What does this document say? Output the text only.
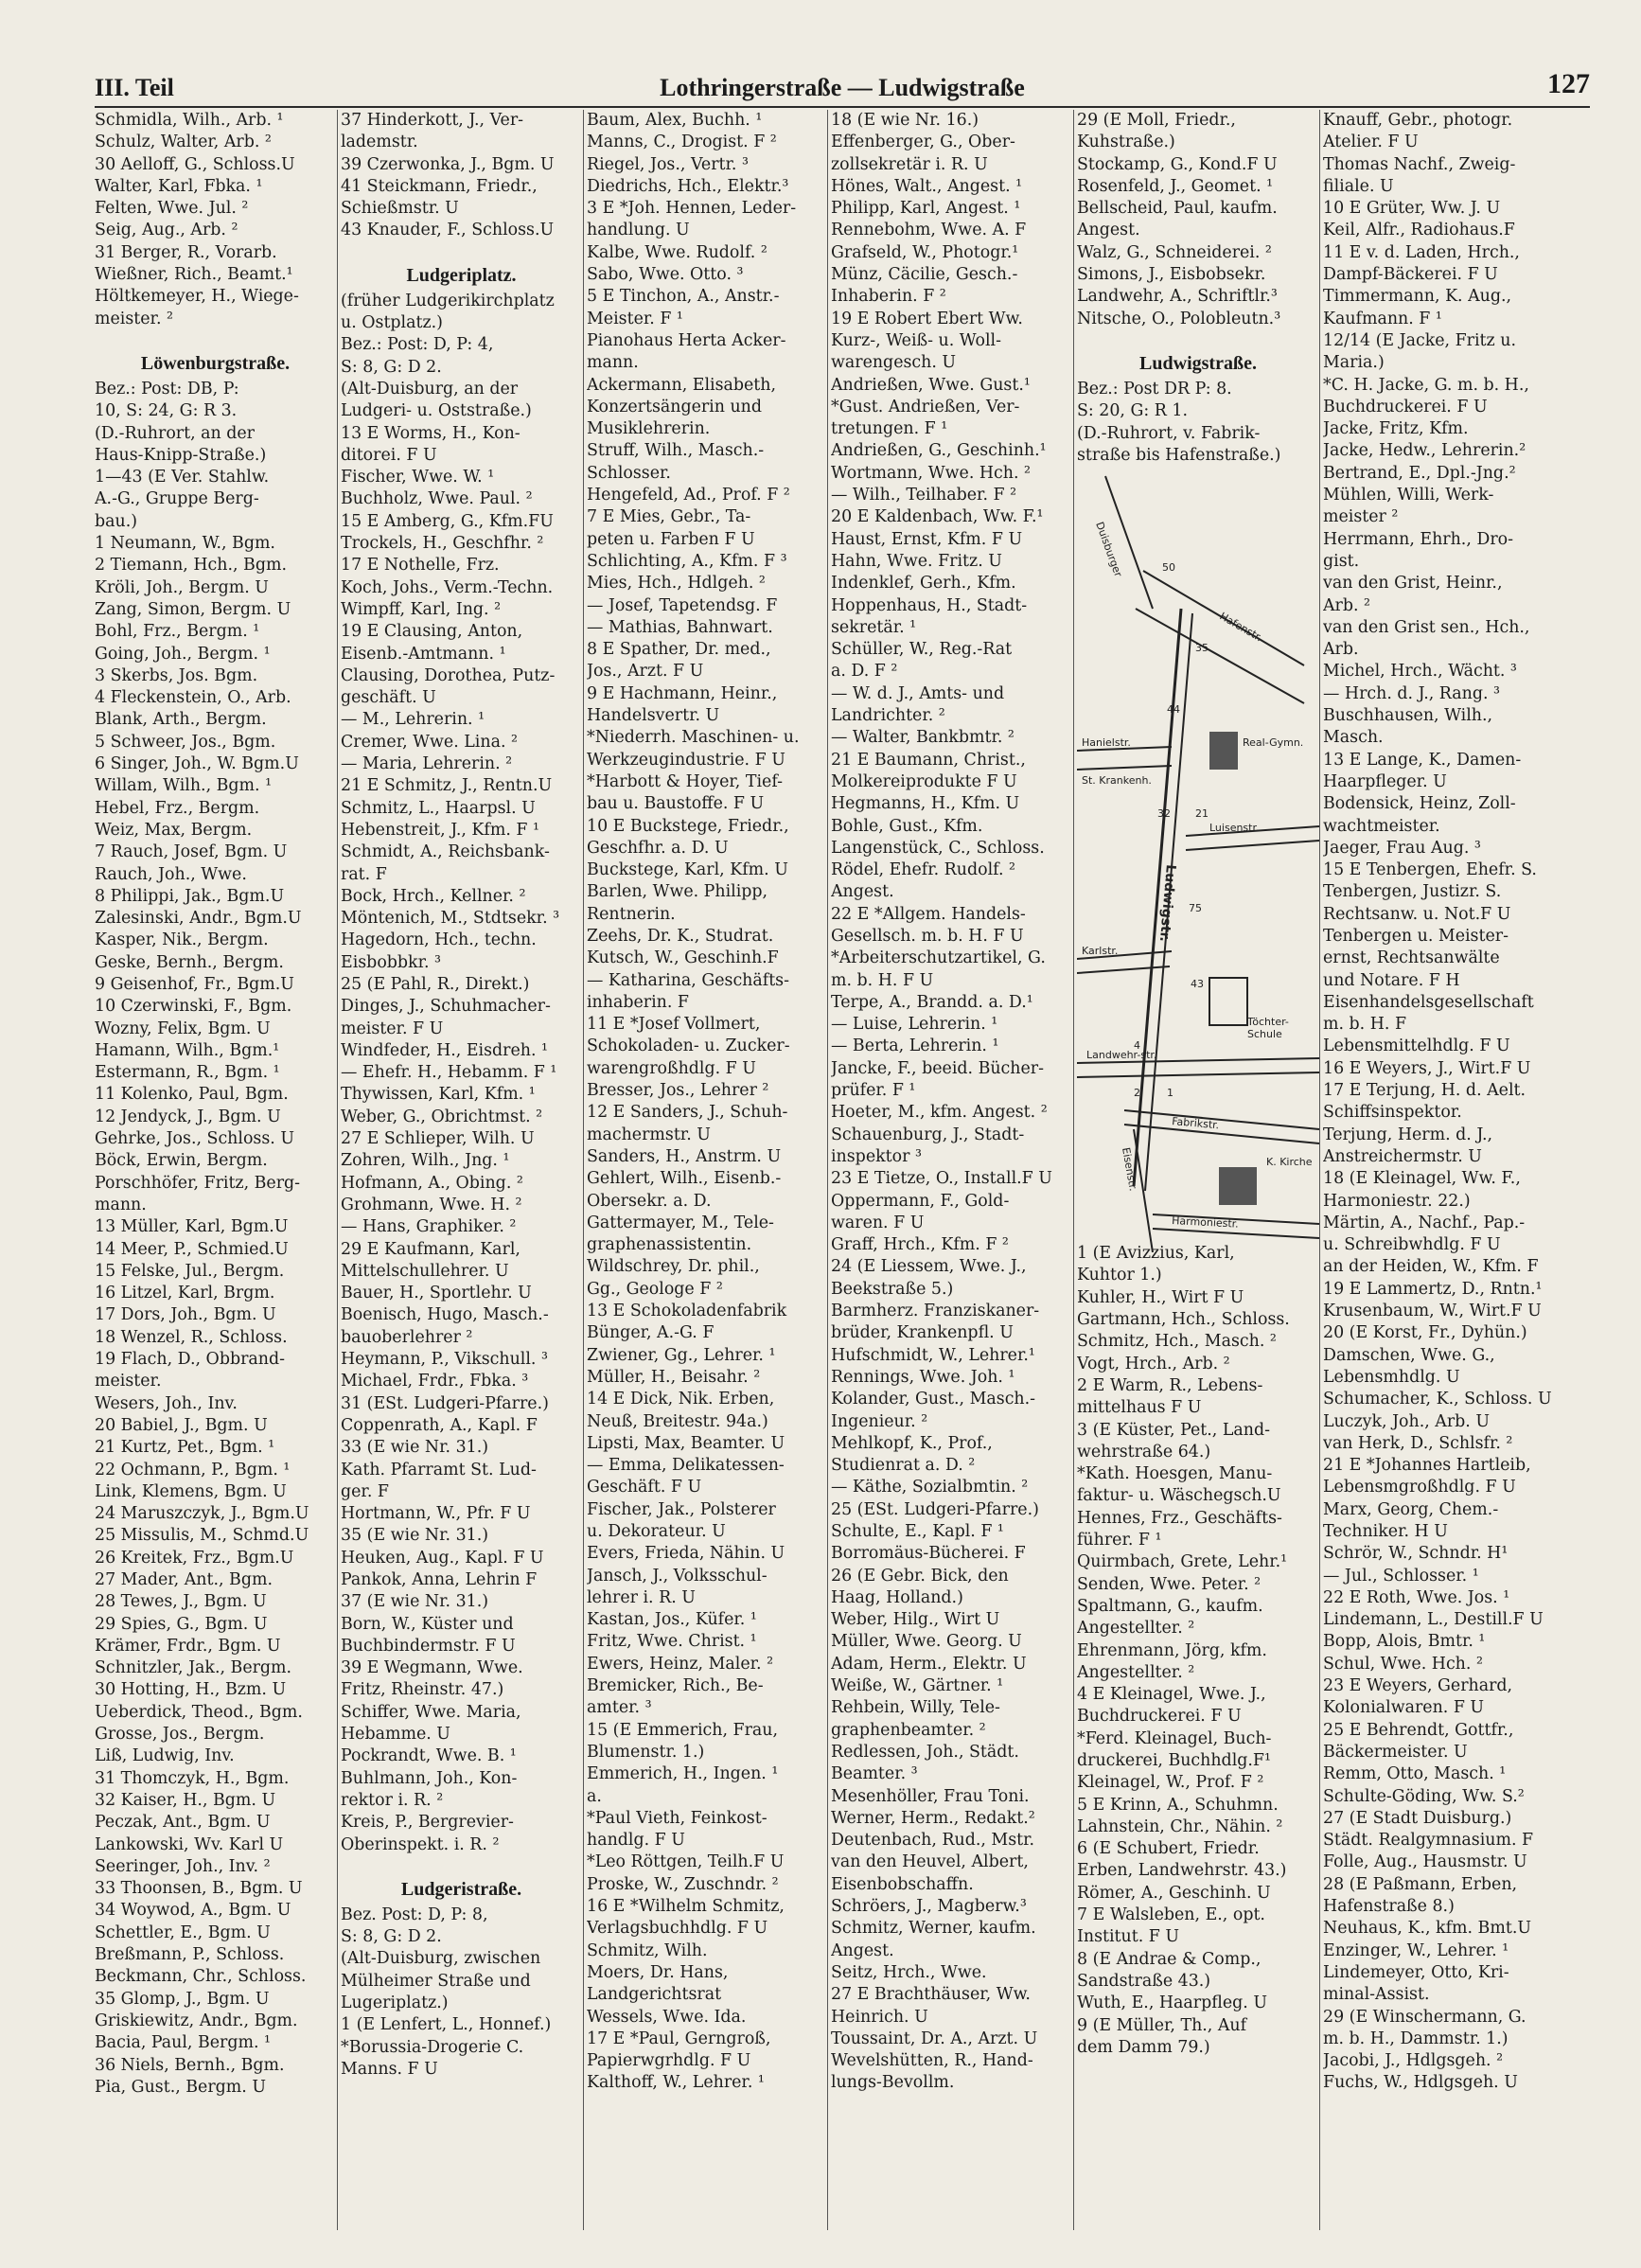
III. Teil	Lothringerstraße — Ludwigstraße	127
Schmidla, Wilh., Arb. ¹
Schulz, Walter, Arb. ²
30 Aelloff, G., Schloss.U
Walter, Karl, Fbka. ¹
Felten, Wwe. Jul. ²
Seig, Aug., Arb. ²
31 Berger, R., Vorarb.
Wießner, Rich., Beamt.¹
Höltkemeyer, H., Wiege-
meister. ²
Löwenburgstraße.
Bez.: Post: DB, P:
10, S: 24, G: R 3.
(D.-Ruhrort, an der
Haus-Knipp-Straße.)
1—43 (E Ver. Stahlw.
A.-G., Gruppe Berg-
bau.)
1 Neumann, W., Bgm.
2 Tiemann, Hch., Bgm.
Kröli, Joh., Bergm. U
Zang, Simon, Bergm. U
Bohl, Frz., Bergm. ¹
Going, Joh., Bergm. ¹
3 Skerbs, Jos. Bgm.
4 Fleckenstein, O., Arb.
Blank, Arth., Bergm.
5 Schweer, Jos., Bgm.
6 Singer, Joh., W. Bgm.U
Willam, Wilh., Bgm. ¹
Hebel, Frz., Bergm.
Weiz, Max, Bergm.
7 Rauch, Josef, Bgm. U
Rauch, Joh., Wwe.
8 Philippi, Jak., Bgm.U
Zalesinski, Andr., Bgm.U
Kasper, Nik., Bergm.
Geske, Bernh., Bergm.
9 Geisenhof, Fr., Bgm.U
10 Czerwinski, F., Bgm.
Wozny, Felix, Bgm. U
Hamann, Wilh., Bgm.¹
Estermann, R., Bgm. ¹
11 Kolenko, Paul, Bgm.
12 Jendyck, J., Bgm. U
Gehrke, Jos., Schloss. U
Böck, Erwin, Bergm.
Porschhöfer, Fritz, Berg-
mann.
13 Müller, Karl, Bgm.U
14 Meer, P., Schmied.U
15 Felske, Jul., Bergm.
16 Litzel, Karl, Brgm.
17 Dors, Joh., Bgm. U
18 Wenzel, R., Schloss.
19 Flach, D., Obbrand-
meister.
Wesers, Joh., Inv.
20 Babiel, J., Bgm. U
21 Kurtz, Pet., Bgm. ¹
22 Ochmann, P., Bgm. ¹
Link, Klemens, Bgm. U
24 Maruszczyk, J., Bgm.U
25 Missulis, M., Schmd.U
26 Kreitek, Frz., Bgm.U
27 Mader, Ant., Bgm.
28 Tewes, J., Bgm. U
29 Spies, G., Bgm. U
Krämer, Frdr., Bgm. U
Schnitzler, Jak., Bergm.
30 Hotting, H., Bzm. U
Ueberdick, Theod., Bgm.
Grosse, Jos., Bergm.
Liß, Ludwig, Inv.
31 Thomczyk, H., Bgm.
32 Kaiser, H., Bgm. U
Peczak, Ant., Bgm. U
Lankowski, Wv. Karl U
Seeringer, Joh., Inv. ²
33 Thoonsen, B., Bgm. U
34 Woywod, A., Bgm. U
Schettler, E., Bgm. U
Breßmann, P., Schloss.
Beckmann, Chr., Schloss.
35 Glomp, J., Bgm. U
Griskiewitz, Andr., Bgm.
Bacia, Paul, Bergm. ¹
36 Niels, Bernh., Bgm.
Pia, Gust., Bergm. U
37 Hinderkott, J., Ver-
lademstr.
39 Czerwonka, J., Bgm. U
41 Steickmann, Friedr.,
Schießmstr. U
43 Knauder, F., Schloss.U
Ludgeriplatz.
(früher Ludgerikirchplatz
u. Ostplatz.)
Bez.: Post: D, P: 4,
S: 8, G: D 2.
(Alt-Duisburg, an der
Ludgeri- u. Oststraße.)
13 E Worms, H., Kon-
ditorei. F U
Fischer, Wwe. W. ¹
Buchholz, Wwe. Paul. ²
15 E Amberg, G., Kfm.FU
Trockels, H., Geschfhr. ²
17 E Nothelle, Frz.
Koch, Johs., Verm.-Techn.
Wimpff, Karl, Ing. ²
19 E Clausing, Anton,
Eisenb.-Amtmann. ¹
Clausing, Dorothea, Putz-
geschäft. U
— M., Lehrerin. ¹
Cremer, Wwe. Lina. ²
— Maria, Lehrerin. ²
21 E Schmitz, J., Rentn.U
Schmitz, L., Haarpsl. U
Hebenstreit, J., Kfm. F ¹
Schmidt, A., Reichsbank-
rat. F
Bock, Hrch., Kellner. ²
Möntenich, M., Stdtsekr. ³
Hagedorn, Hch., techn.
Eisbobbkr. ³
25 (E Pahl, R., Direkt.)
Dinges, J., Schuhmacher-
meister. F U
Windfeder, H., Eisdreh. ¹
— Ehefr. H., Hebamm. F ¹
Thywissen, Karl, Kfm. ¹
Weber, G., Obrichtmst. ²
27 E Schlieper, Wilh. U
Zohren, Wilh., Jng. ¹
Hofmann, A., Obing. ²
Grohmann, Wwe. H. ²
— Hans, Graphiker. ²
29 E Kaufmann, Karl,
Mittelschullehrer. U
Bauer, H., Sportlehr. U
Boenisch, Hugo, Masch.-
bauoberlehrer ²
Heymann, P., Vikschull. ³
Michael, Frdr., Fbka. ³
31 (ESt. Ludgeri-Pfarre.)
Coppenrath, A., Kapl. F
33 (E wie Nr. 31.)
Kath. Pfarramt St. Lud-
ger. F
Hortmann, W., Pfr. F U
35 (E wie Nr. 31.)
Heuken, Aug., Kapl. F U
Pankok, Anna, Lehrin F
37 (E wie Nr. 31.)
Born, W., Küster und
Buchbindermstr. F U
39 E Wegmann, Wwe.
Fritz, Rheinstr. 47.)
Schiffer, Wwe. Maria,
Hebamme. U
Pockrandt, Wwe. B. ¹
Buhlmann, Joh., Kon-
rektor i. R. ²
Kreis, P., Bergrevier-
Oberinspekt. i. R. ²
Ludgeristraße.
Bez. Post: D, P: 8,
S: 8, G: D 2.
(Alt-Duisburg, zwischen
Mülheimer Straße und
Lugeriplatz.)
1 (E Lenfert, L., Honnef.)
*Borussia-Drogerie C.
Manns. F U
Baum, Alex, Buchh. ¹
Manns, C., Drogist. F ²
Riegel, Jos., Vertr. ³
Diedrichs, Hch., Elektr.³
3 E *Joh. Hennen, Leder-
handlung. U
Kalbe, Wwe. Rudolf. ²
Sabo, Wwe. Otto. ³
5 E Tinchon, A., Anstr.-
Meister. F ¹
Pianohaus Herta Acker-
mann.
Ackermann, Elisabeth,
Konzertsängerin und
Musiklehrerin.
Struff, Wilh., Masch.-
Schlosser.
Hengefeld, Ad., Prof. F ²
7 E Mies, Gebr., Ta-
peten u. Farben F U
Schlichting, A., Kfm. F ³
Mies, Hch., Hdlgeh. ²
— Josef, Tapetendsg. F
— Mathias, Bahnwart.
8 E Spather, Dr. med.,
Jos., Arzt. F U
9 E Hachmann, Heinr.,
Handelsvertr. U
*Niederrh. Maschinen- u.
Werkzeugindustrie. F U
*Harbott & Hoyer, Tief-
bau u. Baustoffe. F U
10 E Buckstege, Friedr.,
Geschfhr. a. D. U
Buckstege, Karl, Kfm. U
Barlen, Wwe. Philipp,
Rentnerin.
Zeehs, Dr. K., Studrat.
Kutsch, W., Geschinh.F
— Katharina, Geschäfts-
inhaberin. F
11 E *Josef Vollmert,
Schokoladen- u. Zucker-
warengroßhdlg. F U
Bresser, Jos., Lehrer ²
12 E Sanders, J., Schuh-
machermstr. U
Sanders, H., Anstrm. U
Gehlert, Wilh., Eisenb.-
Obersekr. a. D.
Gattermayer, M., Tele-
graphenassistentin.
Wildschrey, Dr. phil.,
Gg., Geologe F ²
13 E Schokoladenfabrik
Bünger, A.-G. F
Zwiener, Gg., Lehrer. ¹
Müller, H., Beisahr. ²
14 E Dick, Nik. Erben,
Neuß, Breitestr. 94a.)
Lipsti, Max, Beamter. U
— Emma, Delikatessen-
Geschäft. F U
Fischer, Jak., Polsterer
u. Dekorateur. U
Evers, Frieda, Nähin. U
Jansch, J., Volksschul-
lehrer i. R. U
Kastan, Jos., Küfer. ¹
Fritz, Wwe. Christ. ¹
Ewers, Heinz, Maler. ²
Bremicker, Rich., Be-
amter. ³
15 (E Emmerich, Frau,
Blumenstr. 1.)
Emmerich, H., Ingen. ¹
a.
*Paul Vieth, Feinkost-
handlg. F U
*Leo Röttgen, Teilh.F U
Proske, W., Zuschndr. ²
16 E *Wilhelm Schmitz,
Verlagsbuchhdlg. F U
Schmitz, Wilh.
Moers, Dr. Hans,
Landgerichtsrat
Wessels, Wwe. Ida.
17 E *Paul, Gerngroß,
Papierwgrhdlg. F U
Kalthoff, W., Lehrer. ¹
18 (E wie Nr. 16.)
Effenberger, G., Ober-
zollsekretär i. R. U
Hönes, Walt., Angest. ¹
Philipp, Karl, Angest. ¹
Rennebohm, Wwe. A. F
Grafseld, W., Photogr.¹
Münz, Cäcilie, Gesch.-
Inhaberin. F ²
19 E Robert Ebert Ww.
Kurz-, Weiß- u. Woll-
warengesch. U
Andrießen, Wwe. Gust.¹
*Gust. Andrießen, Ver-
tretungen. F ¹
Andrießen, G., Geschinh.¹
Wortmann, Wwe. Hch. ²
— Wilh., Teilhaber. F ²
20 E Kaldenbach, Ww. F.¹
Haust, Ernst, Kfm. F U
Hahn, Wwe. Fritz. U
Indenklef, Gerh., Kfm.
Hoppenhaus, H., Stadt-
sekretär. ¹
Schüller, W., Reg.-Rat
a. D. F ²
— W. d. J., Amts- und
Landrichter. ²
— Walter, Bankbmtr. ²
21 E Baumann, Christ.,
Molkereiprodukte F U
Hegmanns, H., Kfm. U
Bohle, Gust., Kfm.
Langenstück, C., Schloss.
Rödel, Ehefr. Rudolf. ²
Angest.
22 E *Allgem. Handels-
Gesellsch. m. b. H. F U
*Arbeiterschutzartikel, G.
m. b. H. F U
Terpe, A., Brandd. a. D.¹
— Luise, Lehrerin. ¹
— Berta, Lehrerin. ¹
Jancke, F., beeid. Bücher-
prüfer. F ¹
Hoeter, M., kfm. Angest. ²
Schauenburg, J., Stadt-
inspektor ³
23 E Tietze, O., Install.F U
Oppermann, F., Gold-
waren. F U
Graff, Hrch., Kfm. F ²
24 (E Liessem, Wwe. J.,
Beekstraße 5.)
Barmherz. Franziskaner-
brüder, Krankenpfl. U
Hufschmidt, W., Lehrer.¹
Rennings, Wwe. Joh. ¹
Kolander, Gust., Masch.-
Ingenieur. ²
Mehlkopf, K., Prof.,
Studienrat a. D. ²
— Käthe, Sozialbmtin. ²
25 (ESt. Ludgeri-Pfarre.)
Schulte, E., Kapl. F ¹
Borromäus-Bücherei. F
26 (E Gebr. Bick, den
Haag, Holland.)
Weber, Hilg., Wirt U
Müller, Wwe. Georg. U
Adam, Herm., Elektr. U
Weiße, W., Gärtner. ¹
Rehbein, Willy, Tele-
graphenbeamter. ²
Redlessen, Joh., Städt.
Beamter. ³
Mesenhöller, Frau Toni.
Werner, Herm., Redakt.²
Deutenbach, Rud., Mstr.
van den Heuvel, Albert,
Eisenbobschaffn.
Schröers, J., Magberw.³
Schmitz, Werner, kaufm.
Angest.
Seitz, Hrch., Wwe.
27 E Brachthäuser, Ww.
Heinrich. U
Toussaint, Dr. A., Arzt. U
Wevelshütten, R., Hand-
lungs-Bevollm.
29 (E Moll, Friedr.,
Kuhstraße.)
Stockamp, G., Kond.F U
Rosenfeld, J., Geomet. ¹
Bellscheid, Paul, kaufm.
Angest.
Walz, G., Schneiderei. ²
Simons, J., Eisbobsekr.
Landwehr, A., Schriftlr.³
Nitsche, O., Polobleutn.³
Ludwigstraße.
Bez.: Post DR P: 8.
S: 20, G: R 1.
(D.-Ruhrort, v. Fabrik-
straße bis Hafenstraße.)
1 (E Avizzius, Karl,
Kuhtor 1.)
Kuhler, H., Wirt F U
Gartmann, Hch., Schloss.
Schmitz, Hch., Masch. ²
Vogt, Hrch., Arb. ²
2 E Warm, R., Lebens-
mittelhaus F U
3 (E Küster, Pet., Land-
wehrstraße 64.)
*Kath. Hoesgen, Manu-
faktur- u. Wäschegsch.U
Hennes, Frz., Geschäfts-
führer. F ¹
Quirmbach, Grete, Lehr.¹
Senden, Wwe. Peter. ²
Spaltmann, G., kaufm.
Angestellter. ²
Ehrenmann, Jörg, kfm.
Angestellter. ²
4 E Kleinagel, Wwe. J.,
Buchdruckerei. F U
*Ferd. Kleinagel, Buch-
druckerei, Buchhdlg.F¹
Kleinagel, W., Prof. F ²
5 E Krinn, A., Schuhmn.
Lahnstein, Chr., Nähin. ²
6 (E Schubert, Friedr.
Erben, Landwehrstr. 43.)
Römer, A., Geschinh. U
7 E Walsleben, E., opt.
Institut. F U
8 (E Andrae & Comp.,
Sandstraße 43.)
Wuth, E., Haarpfleg. U
9 (E Müller, Th., Auf
dem Damm 79.)
Knauff, Gebr., photogr.
Atelier. F U
Thomas Nachf., Zweig-
filiale. U
10 E Grüter, Ww. J. U
Keil, Alfr., Radiohaus.F
11 E v. d. Laden, Hrch.,
Dampf-Bäckerei. F U
Timmermann, K. Aug.,
Kaufmann. F ¹
12/14 (E Jacke, Fritz u.
Maria.)
*C. H. Jacke, G. m. b. H.,
Buchdruckerei. F U
Jacke, Fritz, Kfm.
Jacke, Hedw., Lehrerin.²
Bertrand, E., Dpl.-Jng.²
Mühlen, Willi, Werk-
meister ²
Herrmann, Ehrh., Dro-
gist.
van den Grist, Heinr.,
Arb. ²
van den Grist sen., Hch.,
Arb.
Michel, Hrch., Wächt. ³
— Hrch. d. J., Rang. ³
Buschhausen, Wilh.,
Masch.
13 E Lange, K., Damen-
Haarpfleger. U
Bodensick, Heinz, Zoll-
wachtmeister.
Jaeger, Frau Aug. ³
15 E Tenbergen, Ehefr. S.
Tenbergen, Justizr. S.
Rechtsanw. u. Not.F U
Tenbergen u. Meister-
ernst, Rechtsanwälte
und Notare. F H
Eisenhandelsgesellschaft
m. b. H. F
Lebensmittelhdlg. F U
16 E Weyers, J., Wirt.F U
17 E Terjung, H. d. Aelt.
Schiffsinspektor.
Terjung, Herm. d. J.,
Anstreichermstr. U
18 (E Kleinagel, Ww. F.,
Harmoniestr. 22.)
Märtin, A., Nachf., Pap.-
u. Schreibwhdlg. F U
an der Heiden, W., Kfm. F
19 E Lammertz, D., Rntn.¹
Krusenbaum, W., Wirt.F U
20 (E Korst, Fr., Dyhün.)
Damschen, Wwe. G.,
Lebensmhdlg. U
Schumacher, K., Schloss. U
Luczyk, Joh., Arb. U
van Herk, D., Schlsfr. ²
21 E *Johannes Hartleib,
Lebensmgroßhdlg. F U
Marx, Georg, Chem.-
Techniker. H U
Schrör, W., Schndr. H¹
— Jul., Schlosser. ¹
22 E Roth, Wwe. Jos. ¹
Lindemann, L., Destill.F U
Bopp, Alois, Bmtr. ¹
Schul, Wwe. Hch. ²
23 E Weyers, Gerhard,
Kolonialwaren. F U
25 E Behrendt, Gottfr.,
Bäckermeister. U
Remm, Otto, Masch. ¹
Schulte-Göding, Ww. S.²
27 (E Stadt Duisburg.)
Städt. Realgymnasium. F
Folle, Aug., Hausmstr. U
28 (E Paßmann, Erben,
Hafenstraße 8.)
Neuhaus, K., kfm. Bmt.U
Enzinger, W., Lehrer. ¹
Lindemeyer, Otto, Kri-
minal-Assist.
29 (E Winschermann, G.
m. b. H., Dammstr. 1.)
Jacobi, J., Hdlgsgeh. ²
Fuchs, W., Hdlgsgeh. U
Duisburger
Hafenstr.
Hanielstr.
St. Krankenh.
Real-Gymn.
Luisenstr.
Ludwigstr.
Karlstr.
Töchter-
Schule
Landwehr-str.
Fabrikstr.
K. Kirche
Eisenstr.
Harmoniestr.
50
35
44
32 21
75
43
4
2	1
